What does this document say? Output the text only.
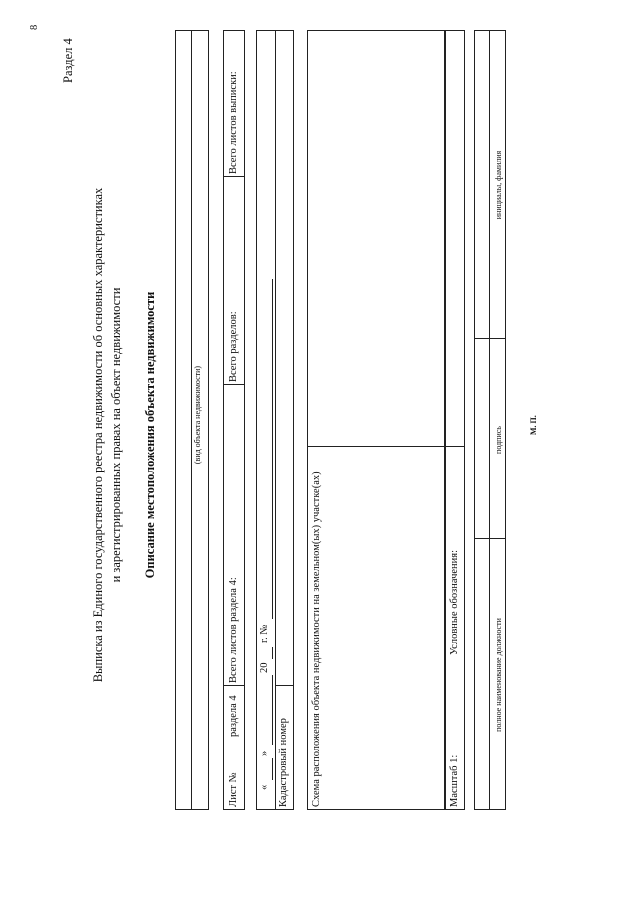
8
Раздел 4
Выписка из Единого государственного реестра недвижимости об основных характеристиках и зарегистрированных правах на объект недвижимости Описание местоположения объекта недвижимости	(вид объекта недвижимости)
Лист №
раздела 4
Всего листов раздела 4:
Всего разделов:
Всего листов выписки:
«
»
20
г. №
Кадастровый номер Схема расположения объекта недвижимости на земельном(ых) участке(ах)	Масштаб 1:
Условные обозначения:
полное наименование должности
подпись
инициалы, фамилия
М. П.
